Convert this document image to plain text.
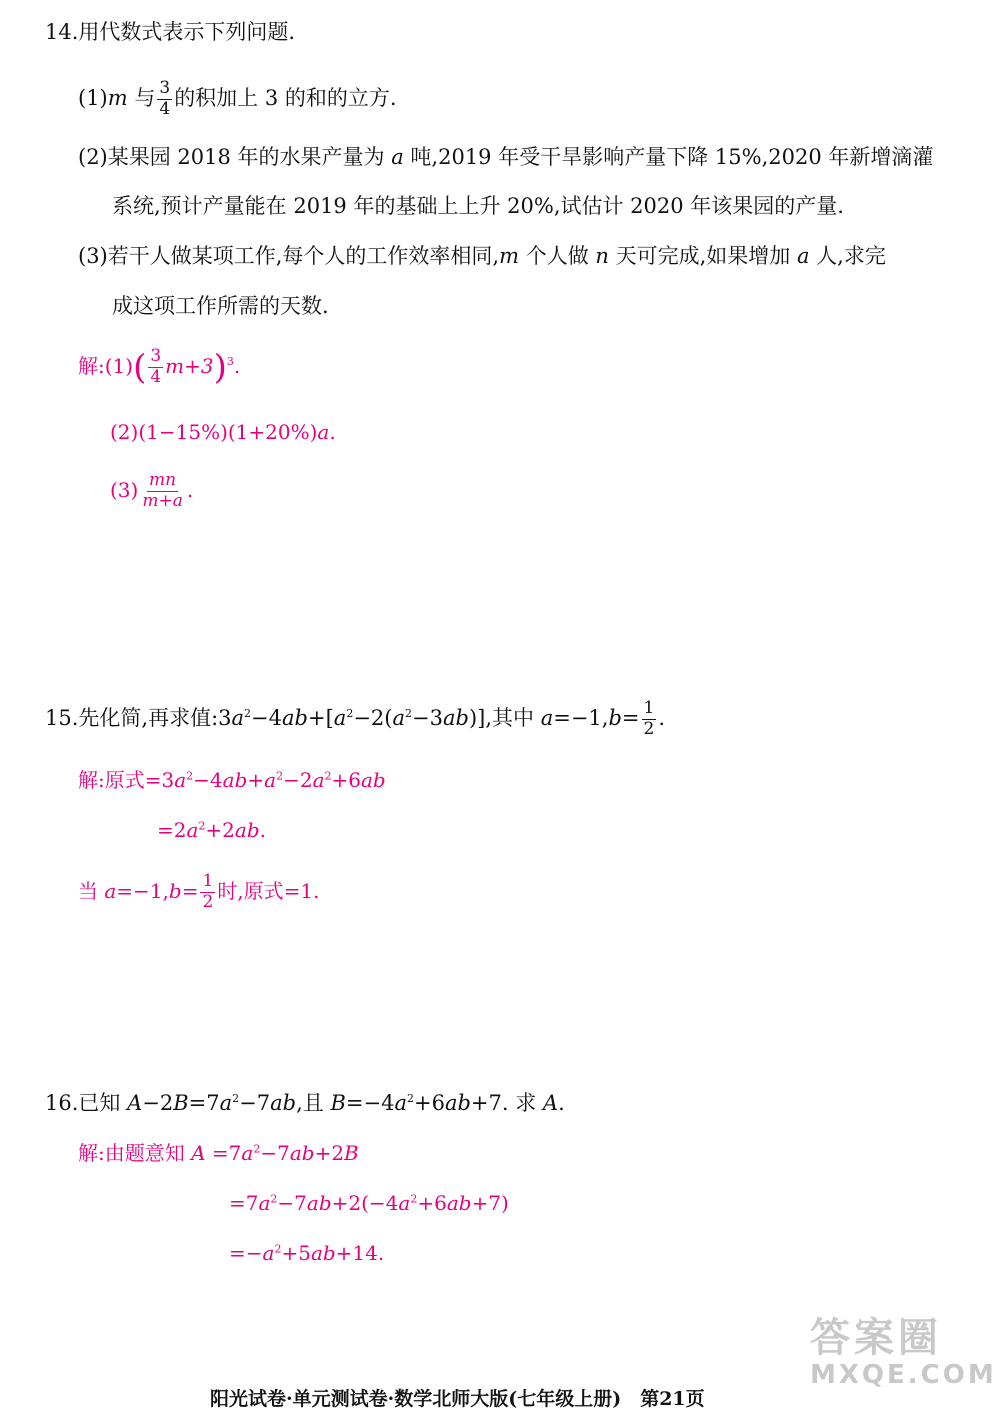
14.用代数式表示下列问题.
(1)m 与 $\frac{3}{4}$ 的积加上 3 的和的立方.
(2)某果园 2018 年的水果产量为 a 吨,2019 年受干旱影响产量下降 15%,2020 年新增滴灌
系统,预计产量能在 2019 年的基础上上升 20%,试估计 2020 年该果园的产量.
(3)若干人做某项工作,每个人的工作效率相同,m 个人做 n 天可完成,如果增加 a 人,求完
成这项工作所需的天数.
解:(1)( $\frac{3}{4} m+3)^3$.
(2)(1−15%)(1+20%)a.
$(3) \frac{mn}{m+a}$ .
15.先化简,再求值$:3a^2-4ab+[a^2-2(a^2-3ab)]$,其中 $a=-1,b= \frac{1}{2}$ .
解:原式$=3a^2-4ab+a^2-2a^2+6ab$
$=2a^2+2ab$.
当 $a=-1,b= \frac{1}{2}$ 时,原式=1.
16.已知 $A-2B=7a^2-7ab$,且 $B=-4a^2+6ab+7$. 求 A.
解:由题意知 $A =7a^2-7ab+2B$
$=7a^2-7ab+2(-4a^2+6ab+7)$
$=-a^2+5ab+14$.
阳光试卷·单元测试卷·数学北师大版(七年级上册)　第21页
答案圈
MXQE.COM
